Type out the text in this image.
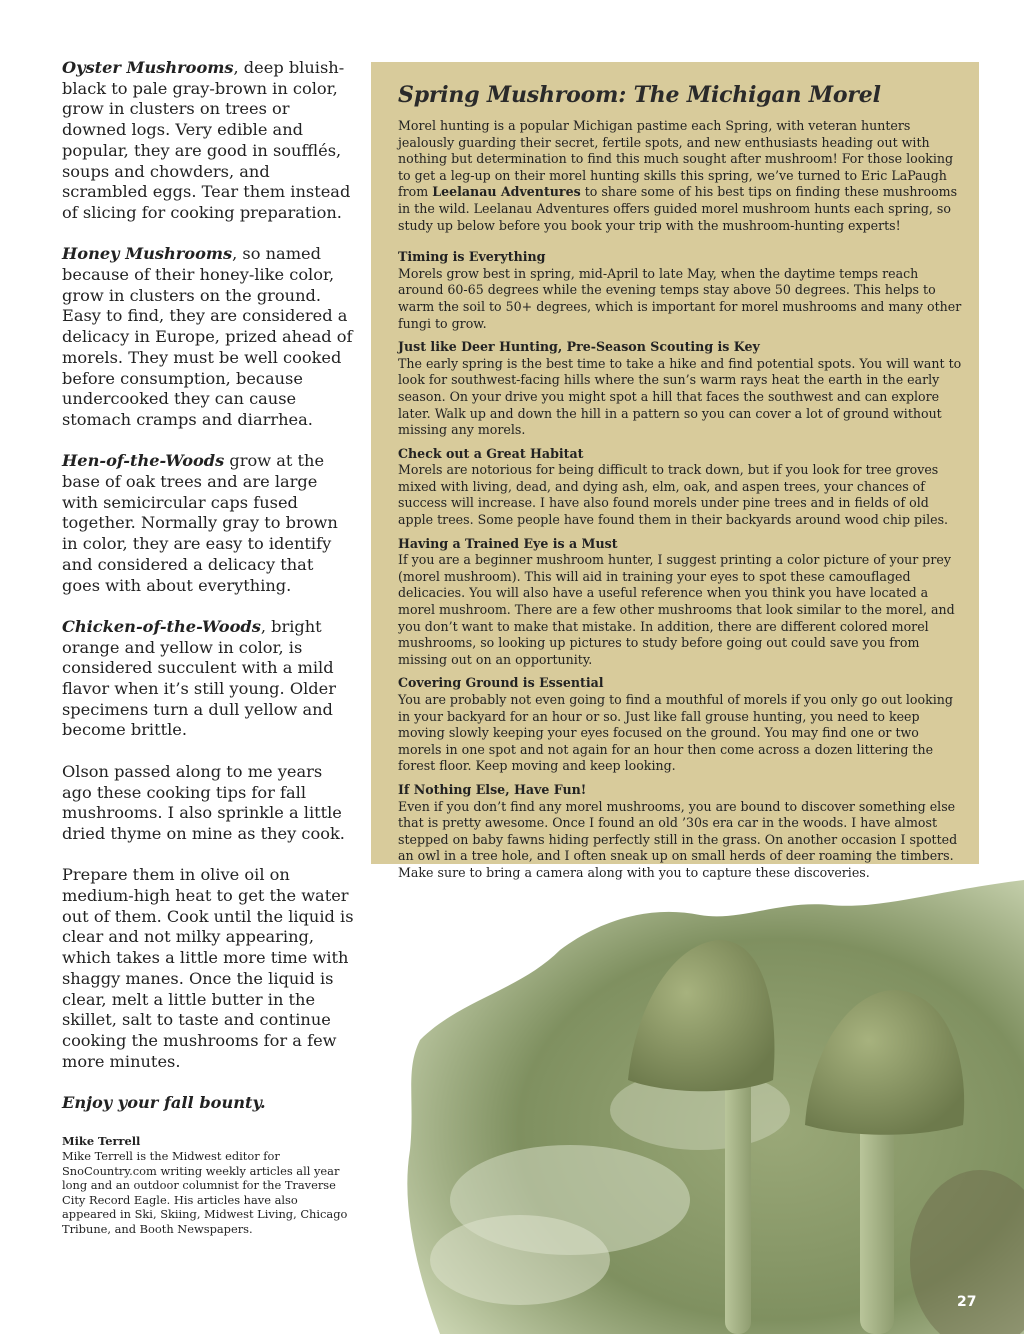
Oyster Mushrooms, deep bluish-black to pale gray-brown in color, grow in clusters on trees or downed logs. Very edible and popular, they are good in soufflés, soups and chowders, and scrambled eggs. Tear them instead of slicing for cooking preparation.

Honey Mushrooms, so named because of their honey-like color, grow in clusters on the ground. Easy to find, they are considered a delicacy in Europe, prized ahead of morels. They must be well cooked before consumption, because undercooked they can cause stomach cramps and diarrhea.

Hen-of-the-Woods grow at the base of oak trees and are large with semicircular caps fused together. Normally gray to brown in color, they are easy to identify and considered a delicacy that goes with about everything.

Chicken-of-the-Woods, bright orange and yellow in color, is considered succulent with a mild flavor when it’s still young. Older specimens turn a dull yellow and become brittle.

Olson passed along to me years ago these cooking tips for fall mushrooms. I also sprinkle a little dried thyme on mine as they cook.

Prepare them in olive oil on medium-high heat to get the water out of them. Cook until the liquid is clear and not milky appearing, which takes a little more time with shaggy manes. Once the liquid is clear, melt a little butter in the skillet, salt to taste and continue cooking the mushrooms for a few more minutes.

Enjoy your fall bounty.

Mike Terrell
Mike Terrell is the Midwest editor for SnoCountry.com writing weekly articles all year long and an outdoor columnist for the Traverse City Record Eagle. His articles have also appeared in Ski, Skiing, Midwest Living, Chicago Tribune, and Booth Newspapers.
Spring Mushroom: The Michigan Morel

Morel hunting is a popular Michigan pastime each Spring, with veteran hunters jealously guarding their secret, fertile spots, and new enthusiasts heading out with nothing but determination to find this much sought after mushroom! For those looking to get a leg-up on their morel hunting skills this spring, we’ve turned to Eric LaPaugh from Leelanau Adventures to share some of his best tips on finding these mushrooms in the wild. Leelanau Adventures offers guided morel mushroom hunts each spring, so study up below before you book your trip with the mushroom-hunting experts!

Timing is Everything

Morels grow best in spring, mid-April to late May, when the daytime temps reach around 60-65 degrees while the evening temps stay above 50 degrees. This helps to warm the soil to 50+ degrees, which is important for morel mushrooms and many other fungi to grow.

Just like Deer Hunting, Pre-Season Scouting is Key

The early spring is the best time to take a hike and find potential spots. You will want to look for southwest-facing hills where the sun’s warm rays heat the earth in the early season. On your drive you might spot a hill that faces the southwest and can explore later. Walk up and down the hill in a pattern so you can cover a lot of ground without missing any morels.

Check out a Great Habitat

Morels are notorious for being difficult to track down, but if you look for tree groves mixed with living, dead, and dying ash, elm, oak, and aspen trees, your chances of success will increase. I have also found morels under pine trees and in fields of old apple trees. Some people have found them in their backyards around wood chip piles.

Having a Trained Eye is a Must

If you are a beginner mushroom hunter, I suggest printing a color picture of your prey (morel mushroom). This will aid in training your eyes to spot these camouflaged delicacies. You will also have a useful reference when you think you have located a morel mushroom. There are a few other mushrooms that look similar to the morel, and you don’t want to make that mistake. In addition, there are different colored morel mushrooms, so looking up pictures to study before going out could save you from missing out on an opportunity.

Covering Ground is Essential

You are probably not even going to find a mouthful of morels if you only go out looking in your backyard for an hour or so. Just like fall grouse hunting, you need to keep moving slowly keeping your eyes focused on the ground. You may find one or two morels in one spot and not again for an hour then come across a dozen littering the forest floor. Keep moving and keep looking.

If Nothing Else, Have Fun!

Even if you don’t find any morel mushrooms, you are bound to discover something else that is pretty awesome. Once I found an old ’30s era car in the woods. I have almost stepped on baby fawns hiding perfectly still in the grass. On another occasion I spotted an owl in a tree hole, and I often sneak up on small herds of deer roaming the timbers. Make sure to bring a camera along with you to capture these discoveries.

27
